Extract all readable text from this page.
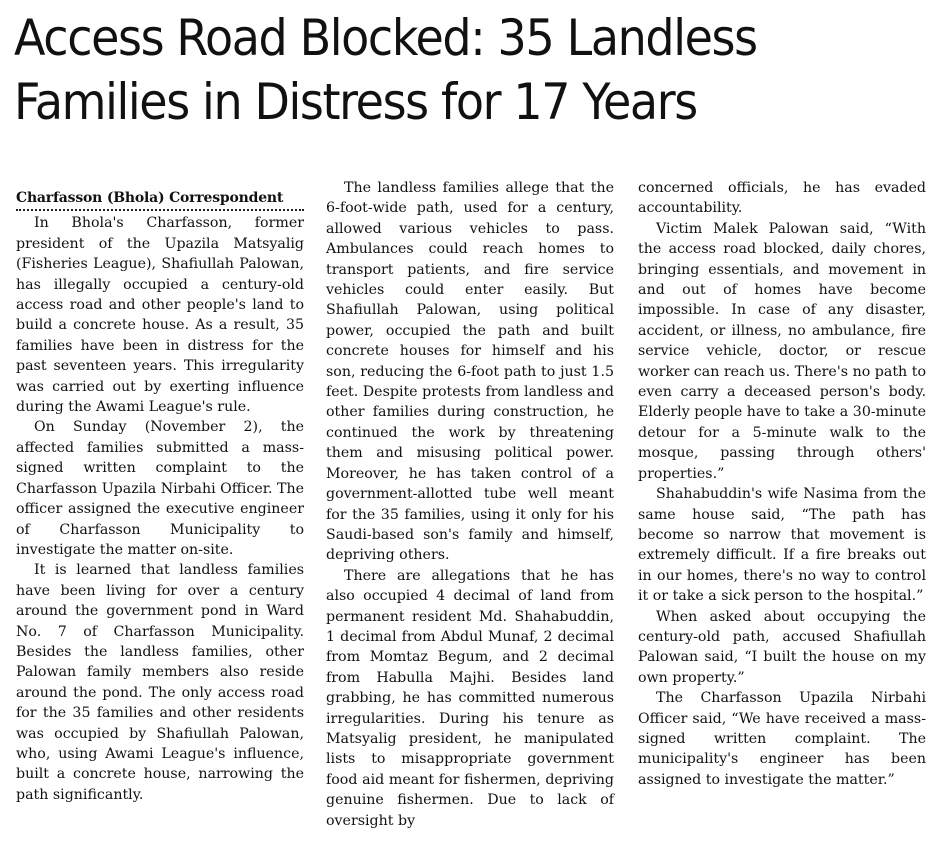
Access Road Blocked: 35 Landless
Families in Distress for 17 Years
Charfasson (Bhola) Correspondent

In Bhola's Charfasson, former president of the Upazila Matsyalig (Fisheries League), Shafiullah Palowan, has illegally occupied a century-old access road and other people's land to build a concrete house. As a result, 35 families have been in distress for the past seventeen years. This irregularity was carried out by exerting influence during the Awami League's rule.

On Sunday (November 2), the affected families submitted a mass-signed written complaint to the Charfasson Upazila Nirbahi Officer. The officer assigned the executive engineer of Charfasson Municipality to investigate the matter on-site.

It is learned that landless families have been living for over a century around the government pond in Ward No. 7 of Charfasson Municipality. Besides the landless families, other Palowan family members also reside around the pond. The only access road for the 35 families and other residents was occupied by Shafiullah Palowan, who, using Awami League's influence, built a concrete house, narrowing the path significantly.

The landless families allege that the 6-foot-wide path, used for a century, allowed various vehicles to pass. Ambulances could reach homes to transport patients, and fire service vehicles could enter easily. But Shafiullah Palowan, using political power, occupied the path and built concrete houses for himself and his son, reducing the 6-foot path to just 1.5 feet. Despite protests from landless and other families during construction, he continued the work by threatening them and misusing political power. Moreover, he has taken control of a government-allotted tube well meant for the 35 families, using it only for his Saudi-based son's family and himself, depriving others.

There are allegations that he has also occupied 4 decimal of land from permanent resident Md. Shahabuddin, 1 decimal from Abdul Munaf, 2 decimal from Momtaz Begum, and 2 decimal from Habulla Majhi. Besides land grabbing, he has committed numerous irregularities. During his tenure as Matsyalig president, he manipulated lists to misappropriate government food aid meant for fishermen, depriving genuine fishermen. Due to lack of oversight by

concerned officials, he has evaded accountability.

Victim Malek Palowan said, “With the access road blocked, daily chores, bringing essentials, and movement in and out of homes have become impossible. In case of any disaster, accident, or illness, no ambulance, fire service vehicle, doctor, or rescue worker can reach us. There's no path to even carry a deceased person's body. Elderly people have to take a 30-minute detour for a 5-minute walk to the mosque, passing through others' properties.”

Shahabuddin's wife Nasima from the same house said, “The path has become so narrow that movement is extremely difficult. If a fire breaks out in our homes, there's no way to control it or take a sick person to the hospital.”

When asked about occupying the century-old path, accused Shafiullah Palowan said, “I built the house on my own property.”

The Charfasson Upazila Nirbahi Officer said, “We have received a mass-signed written complaint. The municipality's engineer has been assigned to investigate the matter.”
